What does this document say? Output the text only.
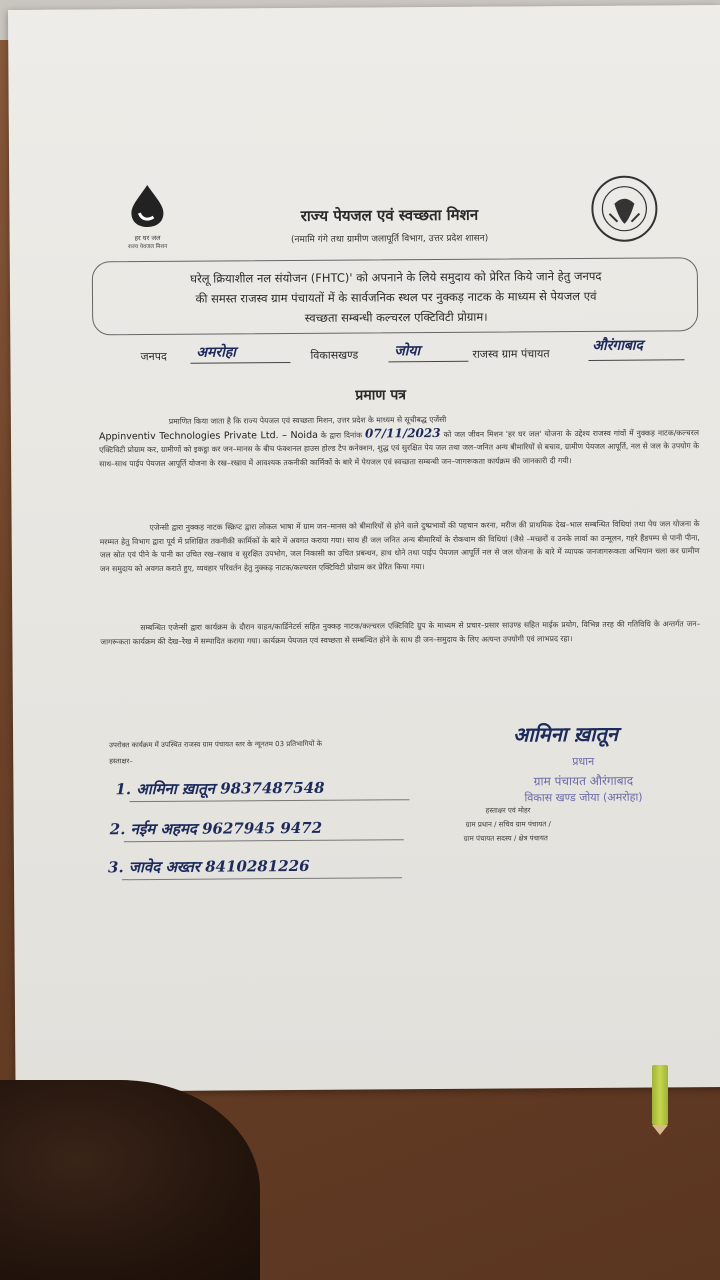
हर घर जल
राज्य पेयजल मिशन
राज्य पेयजल एवं स्वच्छता मिशन
(नमामि गंगे तथा ग्रामीण जलापूर्ति विभाग, उत्तर प्रदेश शासन)
घरेलू क्रियाशील नल संयोजन (FHTC)' को अपनाने के लिये समुदाय को प्रेरित किये जाने हेतु जनपद
की समस्त राजस्व ग्राम पंचायतों में के सार्वजनिक स्थल पर नुक्कड़ नाटक के माध्यम से पेयजल एवं
स्वच्छता सम्बन्धी कल्चरल एक्टिविटी प्रोग्राम।
जनपद अमरोहा	विकासखण्ड	जोया	राजस्व ग्राम पंचायत
औरंगाबाद
प्रमाण पत्र
प्रमाणित किया जाता है कि राज्य पेयजल एवं स्वच्छता मिशन, उत्तर प्रदेश के माध्यम से सूचीबद्ध एजेंसी
Appinventiv Technologies Private Ltd. – Noida के द्वारा दिनांक 07/11/2023 को जल जीवन मिशन 'हर घर जल' योजना के उद्देश्य राजस्व गांवों में नुक्कड़ नाटक/कल्चरल एक्टिविटी प्रोग्राम कर, ग्रामीणों को इकट्ठा कर जन–मानस के बीच फंक्शनल हाउस होल्ड टैप कनेक्शन, शुद्ध एवं सुरक्षित पेय जल तथा जल–जनित अन्य बीमारियों से बचाव, ग्रामीण पेयजल आपूर्ति, नल से जल के उपयोग के साथ–साथ पाईप पेयजल आपूर्ति योजना के रख–रखाव में आवश्यक तकनीकी कार्मिकों के बारे में पेयजल एवं स्वच्छता सम्बन्धी जन–जागरूकता कार्यक्रम की जानकारी दी गयी।
एजेन्सी द्वारा नुक्कड़ नाटक स्क्रिप्ट द्वारा लोकल भाषा में ग्राम जन–मानस को बीमारियों से होने वाले दुष्प्रभावों की पहचान करना, मरीज की प्राथमिक देख–भाल सम्बन्धित विधियां तथा पेय जल योजना के मरम्मत हेतु विभाग द्वारा पूर्व में प्रशिक्षित तकनीकी कार्मिकों के बारे में अवगत कराया गया। साथ ही जल जनित अन्य बीमारियों के रोकथाम की विधियां (जैसे –मच्छरों व उनके लार्वा का उन्मूलन, गहरे हैंडपम्प से पानी पीना, जल स्रोत एवं पीने के पानी का उचित रख–रखाव व सुरक्षित उपभोग, जल निकासी का उचित प्रबन्धन, हाथ धोने तथा पाईप पेयजल आपूर्ति नल से जल योजना के बारे में व्यापक जनजागरूकता अभियान चला कर ग्रामीण जन समुदाय को अवगत कराते हुए, व्यवहार परिवर्तन हेतु नुक्कड़ नाटक/कल्चरल एक्टिविटी प्रोग्राम कर प्रेरित किया गया।
सम्बन्धित एजेन्सी द्वारा कार्यक्रम के दौरान वाहन/कार्डिनेटर्स सहित नुक्कड़ नाटक/कल्चरल एक्टिविटि ग्रुप के माध्यम से प्रचार–प्रसार साउण्ड सहित माईक प्रयोग, विभिन्न तरह की गतिविधि के अन्तर्गत जन–जागरूकता कार्यक्रम की देख–रेख में सम्पादित कराया गया। कार्यक्रम पेयजल एवं स्वच्छता से सम्बन्धित होने के साथ ही जन–समुदाय के लिए अत्यन्त उपयोगी एवं लाभप्रद रहा।
उपरोक्त कार्यक्रम में उपस्थित राजस्व ग्राम पंचायत स्तर के न्यूनतम 03 प्रतिभागियों के
हस्ताक्षर–
1. आमिना ख़ातून 9837487548
2. नईम अहमद 9627945 9472
3. जावेद अख्तर 8410281226
आमिना ख़ातून
प्रधान
ग्राम पंचायत औरंगाबाद
विकास खण्ड जोया (अमरोहा)
हस्ताक्षर एवं मोहर
ग्राम प्रधान / सचिव ग्राम पंचायत /
ग्राम पंचायत सदस्य / क्षेत्र पंचायत
